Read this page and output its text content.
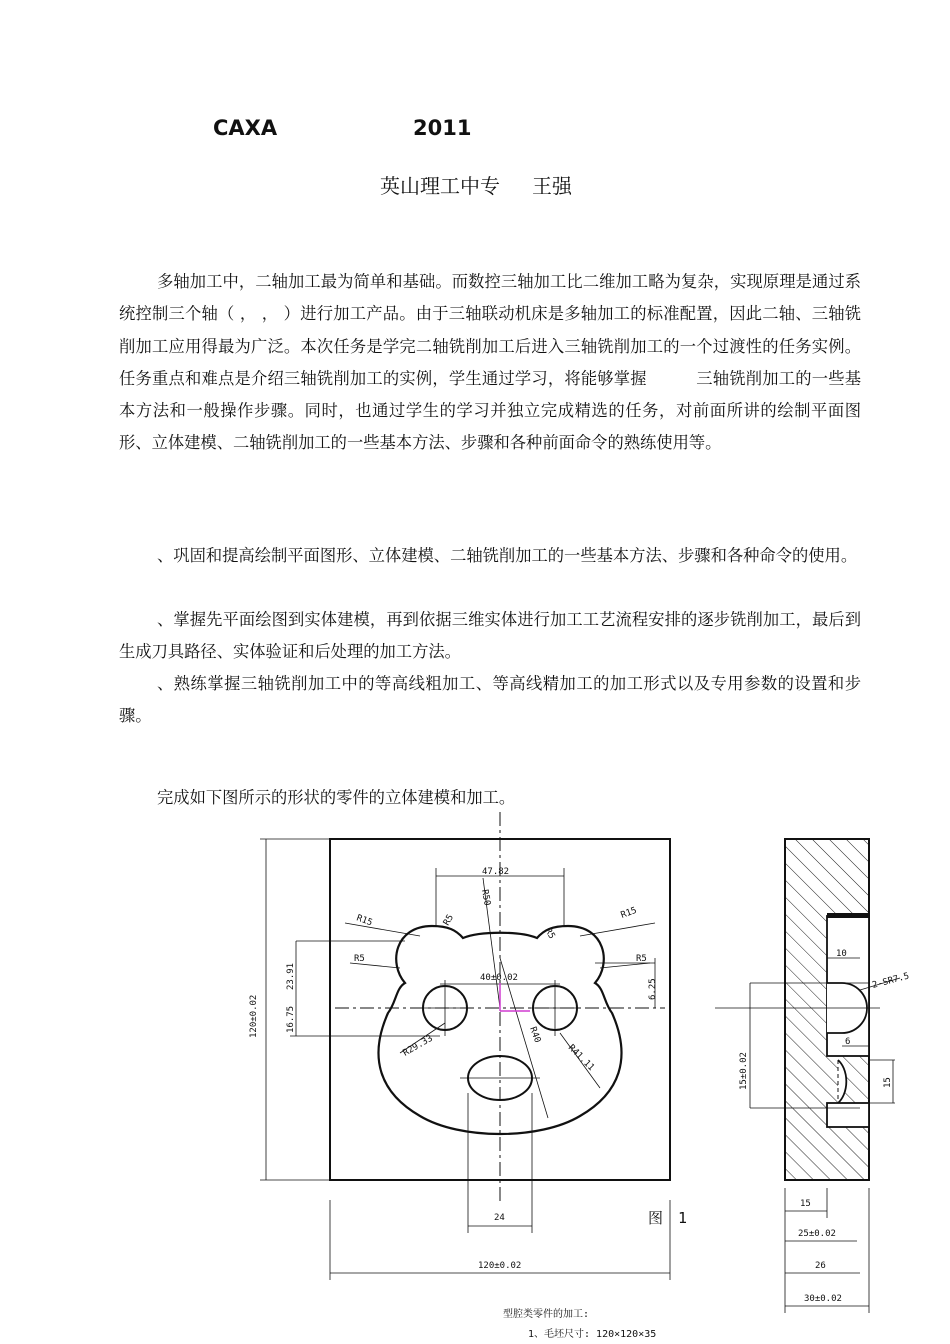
CAXA	2011
英山理工中专 王强
多轴加工中，二轴加工最为简单和基础。而数控三轴加工比二维加工略为复杂，实现原理是通过系统控制三个轴（ ， ， ）进行加工产品。由于三轴联动机床是多轴加工的标准配置，因此二轴、三轴铣削加工应用得最为广泛。本次任务是学完二轴铣削加工后进入三轴铣削加工的一个过渡性的任务实例。任务重点和难点是介绍三轴铣削加工的实例，学生通过学习，将能够掌握　　　三轴铣削加工的一些基本方法和一般操作步骤。同时，也通过学生的学习并独立完成精选的任务，对前面所讲的绘制平面图形、立体建模、二轴铣削加工的一些基本方法、步骤和各种前面命令的熟练使用等。
、巩固和提高绘制平面图形、立体建模、二轴铣削加工的一些基本方法、步骤和各种命令的使用。
、掌握先平面绘图到实体建模，再到依据三维实体进行加工工艺流程安排的逐步铣削加工，最后到生成刀具路径、实体验证和后处理的加工方法。
、熟练掌握三轴铣削加工中的等高线粗加工、等高线精加工的加工形式以及专用参数的设置和步骤。
完成如下图所示的形状的零件的立体建模和加工。
47.82
R50
R15
R15
R5
R5
R5	R5
40±0.02
6.25
23.91
16.75
120±0.02
R29.33	R40
R41.11
24
120±0.02
10
2-SR7.5
6
15
15±0.02
15
25±0.02
26
30±0.02
图　1
型腔类零件的加工:
1、毛坯尺寸: 120×120×35
